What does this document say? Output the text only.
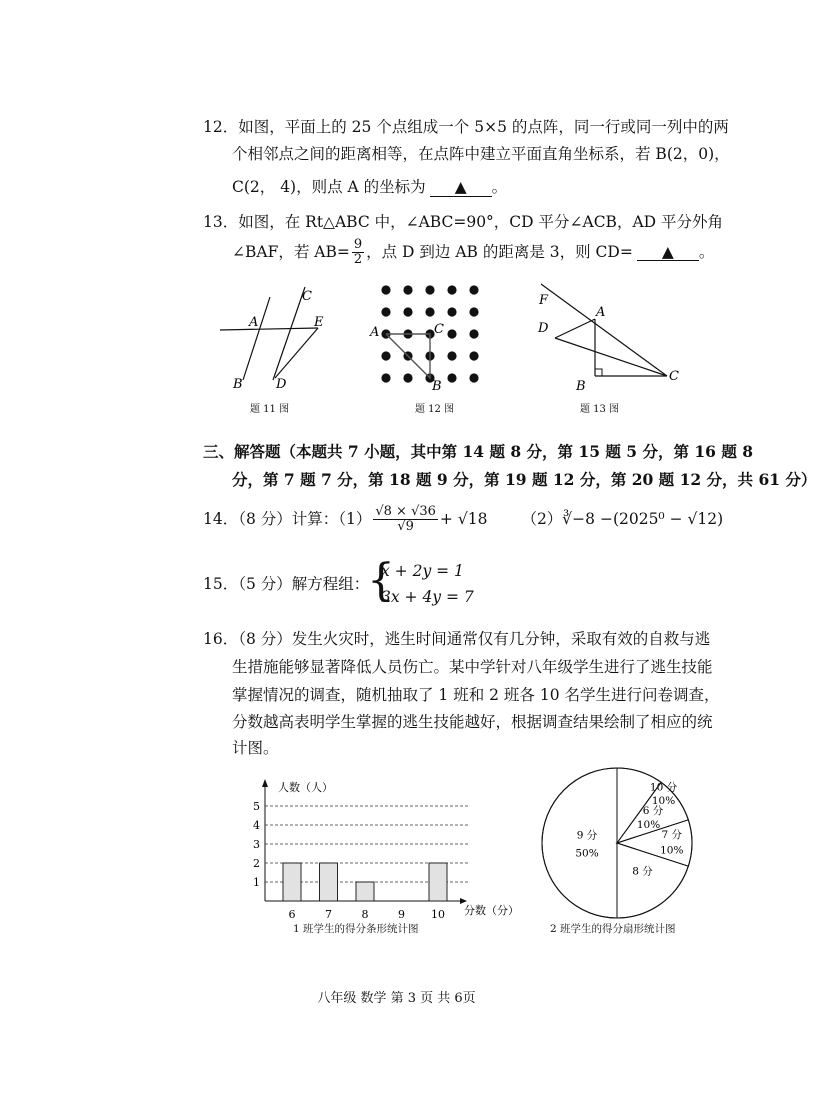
12．如图，平面上的 25 个点组成一个 5×5 的点阵，同一行或同一列中的两
个相邻点之间的距离相等，在点阵中建立平面直角坐标系，若 B(2，0)，
C(2， 4)，则点 A 的坐标为 ▲ 。
13．如图，在 Rt△ABC 中，∠ABC=90°，CD 平分∠ACB，AD 平分外角
∠BAF，若 $AB= \frac{9}{2}$ ，点 D 到边 AB 的距离是 3，则 CD= ▲ 。
A
B
C
D
E
题 11 图
A
B
C
题 12 图
F
A
D
B
C
题 13 图
三、解答题（本题共 7 小题，其中第 14 题 8 分，第 15 题 5 分，第 16 题 8
分，第 7 题 7 分，第 18 题 9 分，第 19 题 12 分，第 20 题 12 分，共 61 分）
14．（8 分）计算：$(1) \frac{√8 \times √36}{√9} + √18$ （2）∛−8 −(2025⁰ − √12)
15．（5 分）解方程组：
{
x + 2y = 1
3x + 4y = 7
16．（8 分）发生火灾时，逃生时间通常仅有几分钟，采取有效的自救与逃
生措施能够显著降低人员伤亡。某中学针对八年级学生进行了逃生技能
掌握情况的调查，随机抽取了 1 班和 2 班各 10 名学生进行问卷调查，
分数越高表明学生掌握的逃生技能越好，根据调查结果绘制了相应的统
计图。
1
2
3
4
5
6	7	8	9 10
人数（人）
分数（分）
1 班学生的得分条形统计图
10 分
10%
6 分
10%
7 分
10%
8 分
9 分
50%
2 班学生的得分扇形统计图
八年级 数学 第 3 页 共 6页
